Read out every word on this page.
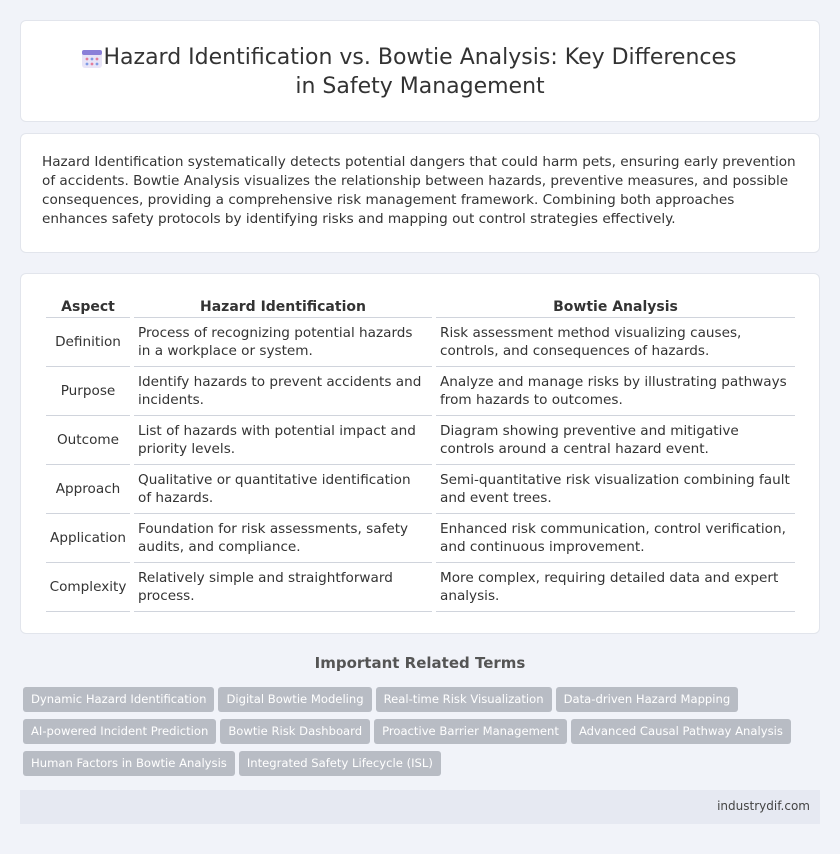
Hazard Identification vs. Bowtie Analysis: Key Differences in Safety Management

Hazard Identification systematically detects potential dangers that could harm pets, ensuring early prevention of accidents. Bowtie Analysis visualizes the relationship between hazards, preventive measures, and possible consequences, providing a comprehensive risk management framework. Combining both approaches enhances safety protocols by identifying risks and mapping out control strategies effectively.

Aspect	Hazard Identification	Bowtie Analysis
Definition	Process of recognizing potential hazards in a workplace or system.	Risk assessment method visualizing causes, controls, and consequences of hazards.
Purpose	Identify hazards to prevent accidents and incidents.	Analyze and manage risks by illustrating pathways from hazards to outcomes.
Outcome	List of hazards with potential impact and priority levels.	Diagram showing preventive and mitigative controls around a central hazard event.
Approach	Qualitative or quantitative identification of hazards.	Semi-quantitative risk visualization combining fault and event trees.
Application	Foundation for risk assessments, safety audits, and compliance.	Enhanced risk communication, control verification, and continuous improvement.
Complexity	Relatively simple and straightforward process.	More complex, requiring detailed data and expert analysis.
Important Related Terms
Dynamic Hazard Identification Digital Bowtie Modeling Real-time Risk Visualization Data-driven Hazard Mapping
AI-powered Incident Prediction Bowtie Risk Dashboard Proactive Barrier Management Advanced Causal Pathway Analysis
Human Factors in Bowtie Analysis Integrated Safety Lifecycle (ISL)
industrydif.com
